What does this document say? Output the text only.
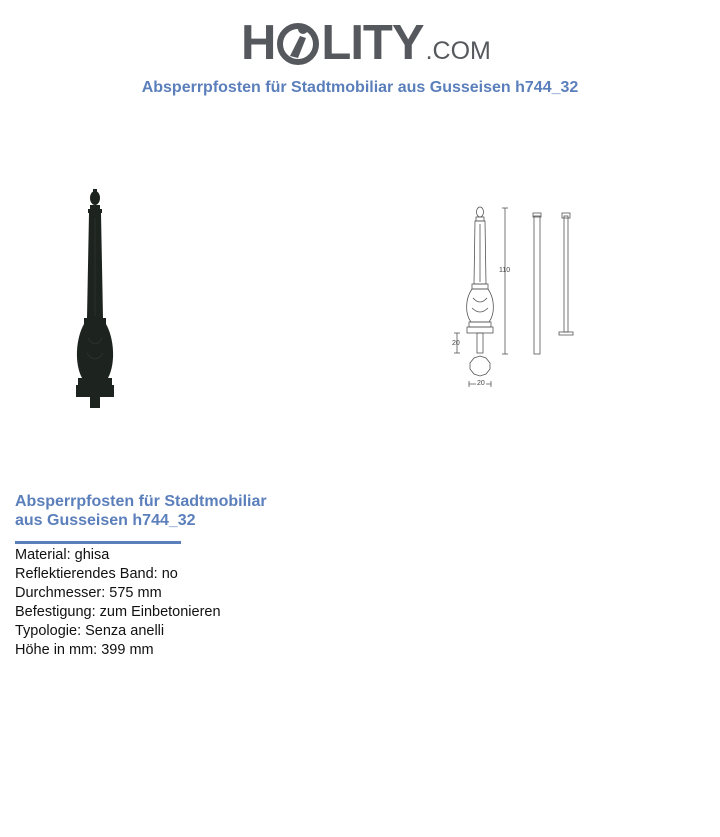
H LITY .COM
Absperrpfosten für Stadtmobiliar aus Gusseisen h744_32
110
20
20
Absperrpfosten für Stadtmobiliar
aus Gusseisen h744_32
Material: ghisa
Reflektierendes Band: no
Durchmesser: 575 mm
Befestigung: zum Einbetonieren
Typologie: Senza anelli
Höhe in mm: 399 mm
